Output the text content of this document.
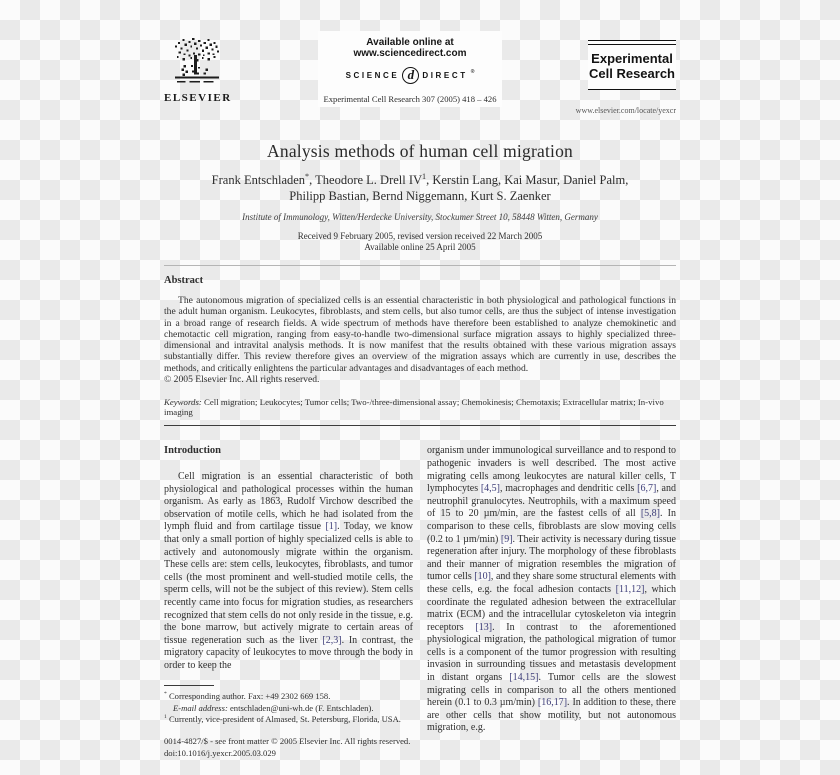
ELSEVIER
Available online at www.sciencedirect.com
SCIENCE d	DIRECT ®
Experimental Cell Research 307 (2005) 418 – 426
Experimental
Cell Research
www.elsevier.com/locate/yexcr
Analysis methods of human cell migration
Frank Entschladen*, Theodore L. Drell $IV^1$, Kerstin Lang, Kai Masur, Daniel Palm,
Philipp Bastian, Bernd Niggemann, Kurt S. Zaenker
Institute of Immunology, Witten/Herdecke University, Stockumer Street 10, 58448 Witten, Germany
Received 9 February 2005, revised version received 22 March 2005
Available online 25 April 2005
Abstract
The autonomous migration of specialized cells is an essential characteristic in both physiological and pathological functions in the adult human organism. Leukocytes, fibroblasts, and stem cells, but also tumor cells, are thus the subject of intense investigation in a broad range of research fields. A wide spectrum of methods have therefore been established to analyze chemokinetic and chemotactic cell migration, ranging from easy-to-handle two-dimensional surface migration assays to highly specialized three-dimensional and intravital analysis methods. It is now manifest that the results obtained with these various migration assays substantially differ. This review therefore gives an overview of the migration assays which are currently in use, describes the methods, and critically enlightens the particular advantages and disadvantages of each method.
© 2005 Elsevier Inc. All rights reserved.
Keywords: Cell migration; Leukocytes; Tumor cells; Two-/three-dimensional assay; Chemokinesis; Chemotaxis; Extracellular matrix; In-vivo imaging
Introduction

Cell migration is an essential characteristic of both physiological and pathological processes within the human organism. As early as 1863, Rudolf Virchow described the observation of motile cells, which he had isolated from the lymph fluid and from cartilage tissue [1]. Today, we know that only a small portion of highly specialized cells is able to actively and autonomously migrate within the organism. These cells are: stem cells, leukocytes, fibroblasts, and tumor cells (the most prominent and well-studied motile cells, the sperm cells, will not be the subject of this review). Stem cells recently came into focus for migration studies, as researchers recognized that stem cells do not only reside in the tissue, e.g. the bone marrow, but actively migrate to certain areas of tissue regeneration such as the liver [2,3]. In contrast, the migratory capacity of leukocytes to move through the body in order to keep the

* Corresponding author. Fax: +49 2302 669 158.
E-mail address: entschladen@uni-wh.de (F. Entschladen).
$^1$ Currently, vice-president of Almased, St. Petersburg, Florida, USA.
0014-4827/$ - see front matter © 2005 Elsevier Inc. All rights reserved.
doi:10.1016/j.yexcr.2005.03.029

organism under immunological surveillance and to respond to pathogenic invaders is well described. The most active migrating cells among leukocytes are natural killer cells, T lymphocytes [4,5], macrophages and dendritic cells [6,7], and neutrophil granulocytes. Neutrophils, with a maximum speed of 15 to 20 µm/min, are the fastest cells of all [5,8]. In comparison to these cells, fibroblasts are slow moving cells (0.2 to 1 µm/min) [9]. Their activity is necessary during tissue regeneration after injury. The morphology of these fibroblasts and their manner of migration resembles the migration of tumor cells [10], and they share some structural elements with these cells, e.g. the focal adhesion contacts [11,12], which coordinate the regulated adhesion between the extracellular matrix (ECM) and the intracellular cytoskeleton via integrin receptors [13]. In contrast to the aforementioned physiological migration, the pathological migration of tumor cells is a component of the tumor progression with resulting invasion in surrounding tissues and metastasis development in distant organs [14,15]. Tumor cells are the slowest migrating cells in comparison to all the others mentioned herein (0.1 to 0.3 µm/min) [16,17]. In addition to these, there are other cells that show motility, but not autonomous migration, e.g.
